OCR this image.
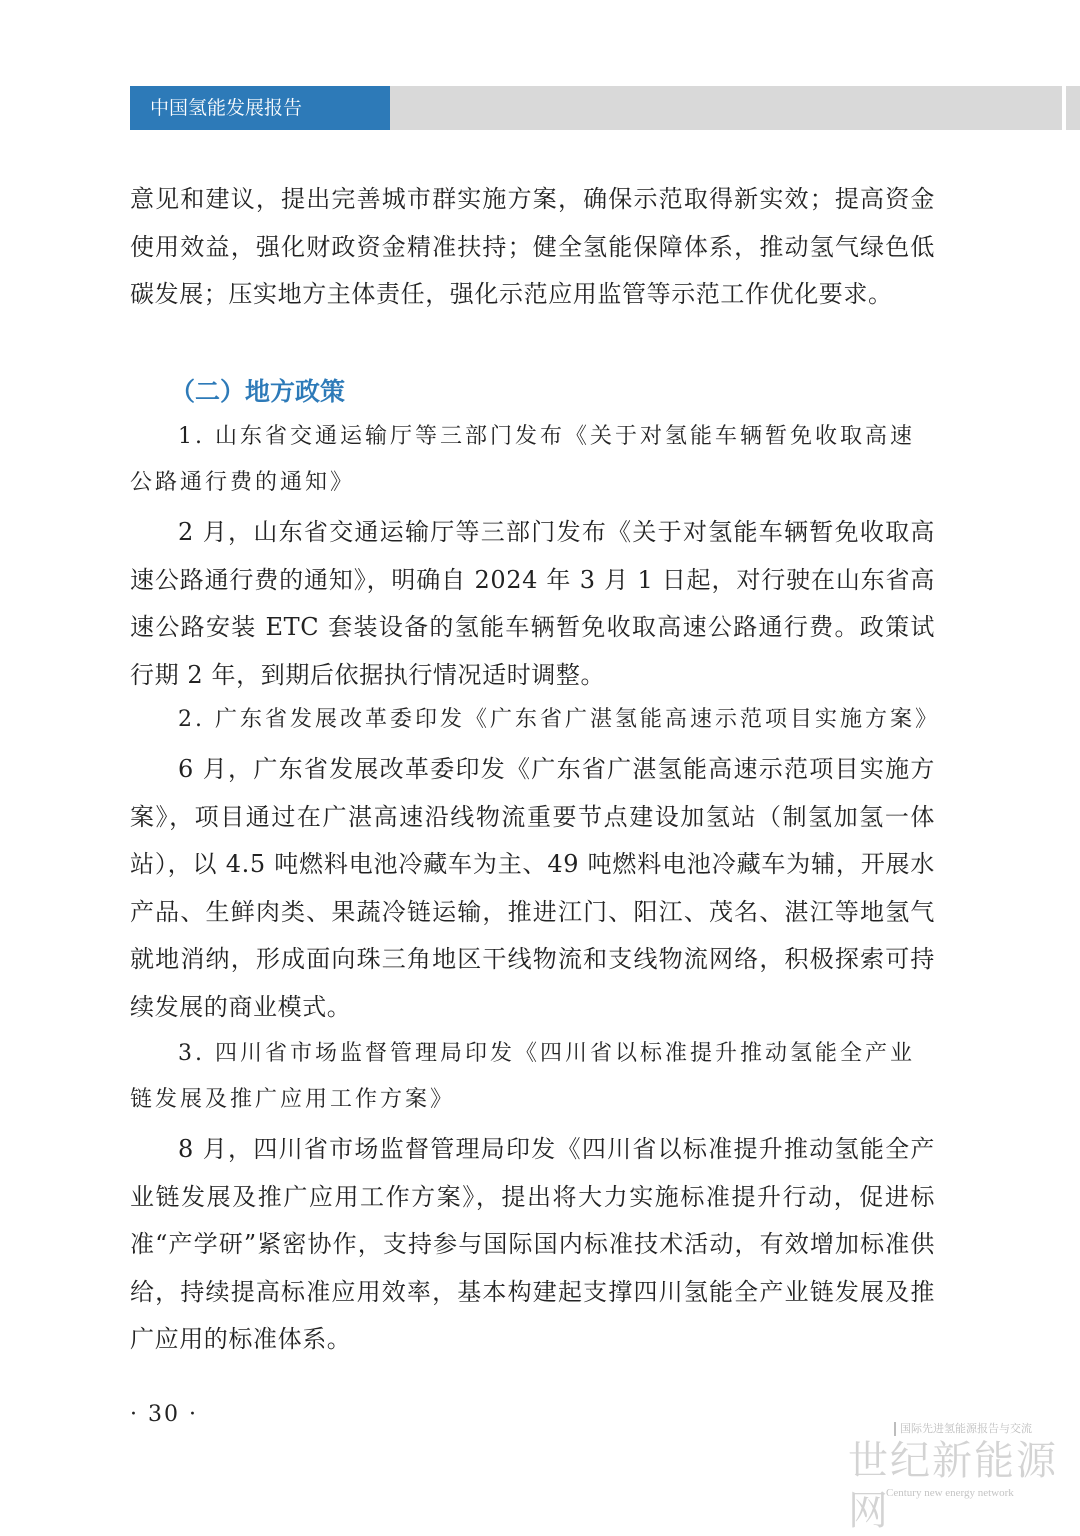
中国氢能发展报告

意见和建议，提出完善城市群实施方案，确保示范取得新实效；提高资金使用效益，强化财政资金精准扶持；健全氢能保障体系，推动氢气绿色低碳发展；压实地方主体责任，强化示范应用监管等示范工作优化要求。

（二）地方政策

1. 山东省交通运输厅等三部门发布《关于对氢能车辆暂免收取高速公路通行费的通知》

2 月，山东省交通运输厅等三部门发布《关于对氢能车辆暂免收取高速公路通行费的通知》，明确自 2024 年 3 月 1 日起，对行驶在山东省高速公路安装 ETC 套装设备的氢能车辆暂免收取高速公路通行费。政策试行期 2 年，到期后依据执行情况适时调整。

2. 广东省发展改革委印发《广东省广湛氢能高速示范项目实施方案》

6 月，广东省发展改革委印发《广东省广湛氢能高速示范项目实施方案》，项目通过在广湛高速沿线物流重要节点建设加氢站（制氢加氢一体站），以 4.5 吨燃料电池冷藏车为主、49 吨燃料电池冷藏车为辅，开展水产品、生鲜肉类、果蔬冷链运输，推进江门、阳江、茂名、湛江等地氢气就地消纳，形成面向珠三角地区干线物流和支线物流网络，积极探索可持续发展的商业模式。

3. 四川省市场监督管理局印发《四川省以标准提升推动氢能全产业链发展及推广应用工作方案》

8 月，四川省市场监督管理局印发《四川省以标准提升推动氢能全产业链发展及推广应用工作方案》，提出将大力实施标准提升行动，促进标准“产学研”紧密协作，支持参与国际国内标准技术活动，有效增加标准供给，持续提高标准应用效率，基本构建起支撑四川氢能全产业链发展及推广应用的标准体系。

· 30 ·
国际先进氢能源报告与交流
世纪新能源网
Century new energy network
